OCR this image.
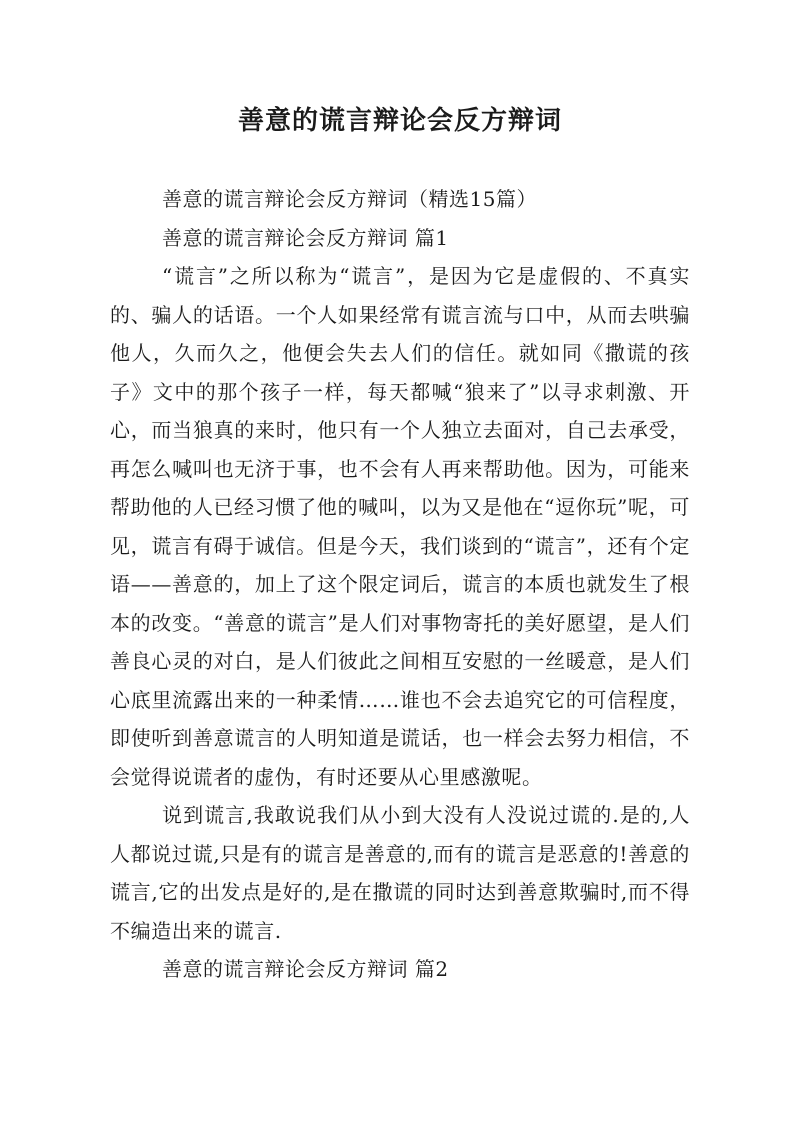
善意的谎言辩论会反方辩词

善意的谎言辩论会反方辩词（精选15篇）

善意的谎言辩论会反方辩词 篇1

“谎言”之所以称为“谎言”，是因为它是虚假的、不真实的、骗人的话语。一个人如果经常有谎言流与口中，从而去哄骗他人，久而久之，他便会失去人们的信任。就如同《撒谎的孩子》文中的那个孩子一样，每天都喊“狼来了”以寻求刺激、开心，而当狼真的来时，他只有一个人独立去面对，自己去承受，再怎么喊叫也无济于事，也不会有人再来帮助他。因为，可能来帮助他的人已经习惯了他的喊叫，以为又是他在“逗你玩”呢，可见，谎言有碍于诚信。但是今天，我们谈到的“谎言”，还有个定语——善意的，加上了这个限定词后，谎言的本质也就发生了根本的改变。“善意的谎言”是人们对事物寄托的美好愿望，是人们善良心灵的对白，是人们彼此之间相互安慰的一丝暖意，是人们心底里流露出来的一种柔情……谁也不会去追究它的可信程度，即使听到善意谎言的人明知道是谎话，也一样会去努力相信，不会觉得说谎者的虚伪，有时还要从心里感激呢。

说到谎言,我敢说我们从小到大没有人没说过谎的.是的,人人都说过谎,只是有的谎言是善意的,而有的谎言是恶意的!善意的谎言,它的出发点是好的,是在撒谎的同时达到善意欺骗时,而不得不编造出来的谎言.

善意的谎言辩论会反方辩词 篇2
